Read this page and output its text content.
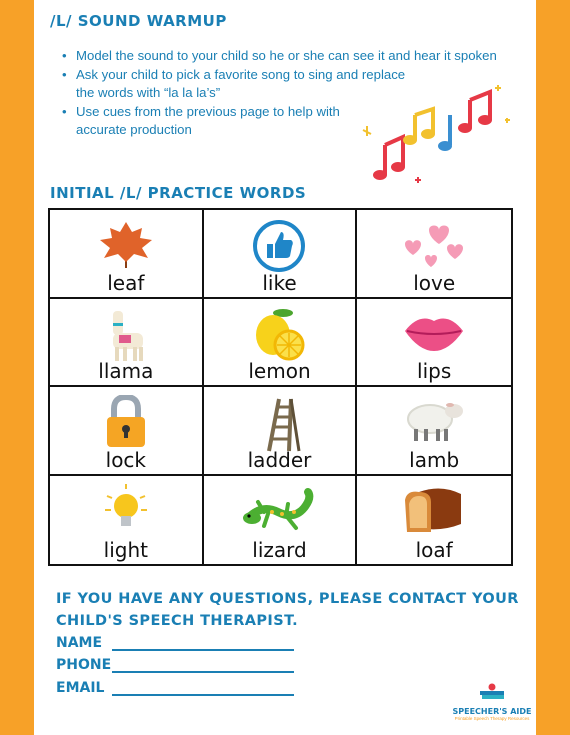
/L/ SOUND WARMUP
• Model the sound to your child so he or she can see it and hear it spoken
• Ask your child to pick a favorite song to sing and replace
the words with “la la la’s”
• Use cues from the previous page to help with
accurate production
INITIAL /L/ PRACTICE WORDS
leaf	like	love
llama	lemon	lips
lock	ladder	lamb
light	lizard	loaf
IF YOU HAVE ANY QUESTIONS, PLEASE CONTACT YOUR
CHILD'S SPEECH THERAPIST.
NAME
PHONE
EMAIL
SPEECHER'S AIDE
Printable Speech Therapy Resources
